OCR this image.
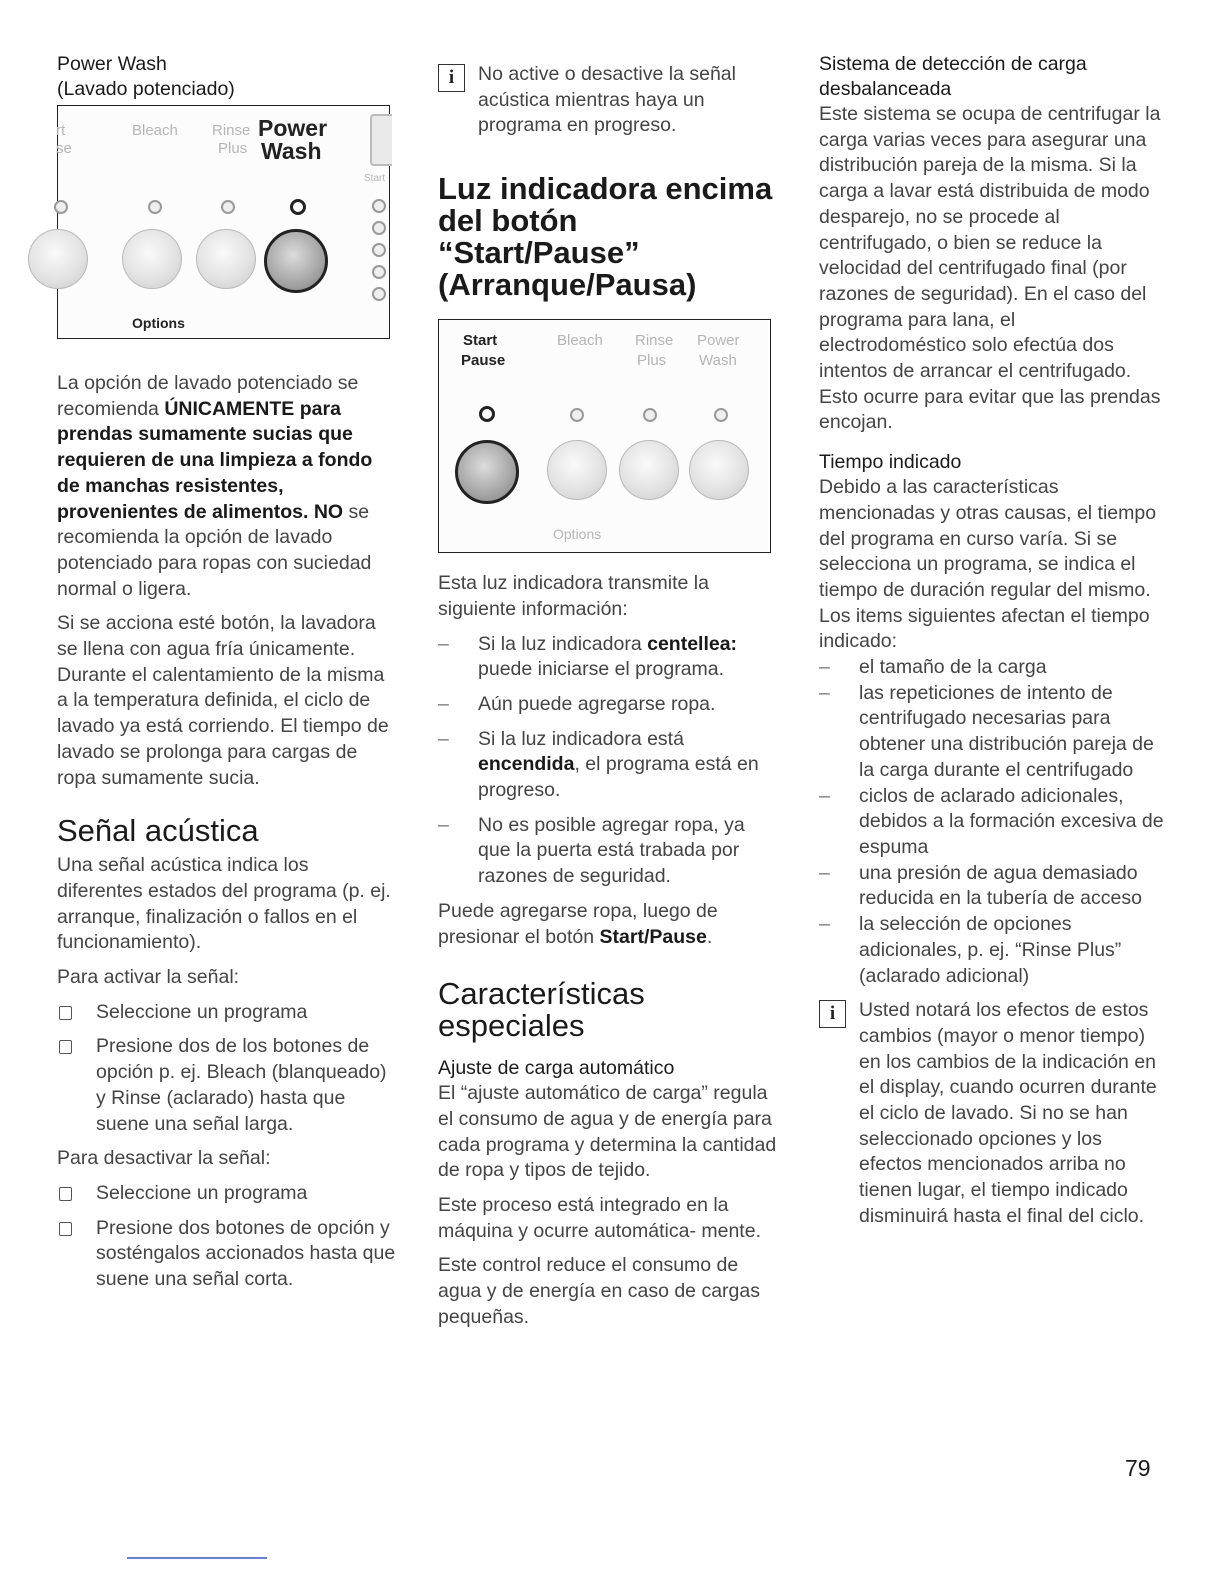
Power Wash

(Lavado potenciado)

rt
se
Bleach Rinse
Plus
Power
Wash
Start
Options

La opción de lavado potenciado se recomienda ÚNICAMENTE para prendas sumamente sucias que requieren de una limpieza a fondo de manchas resistentes, provenientes de alimentos. NO se recomienda la opción de lavado potenciado para ropas con suciedad normal o ligera.

Si se acciona esté botón, la lavadora se llena con agua fría únicamente. Durante el calentamiento de la misma a la temperatura definida, el ciclo de lavado ya está corriendo. El tiempo de lavado se prolonga para cargas de ropa sumamente sucia.

Señal acústica

Una señal acústica indica los diferentes estados del programa (p. ej. arranque, finalización o fallos en el funcionamiento).

Para activar la señal:

Seleccione un programa
Presione dos de los botones de opción p. ej. Bleach (blanqueado) y Rinse (aclarado) hasta que suene una señal larga.

Para desactivar la señal:

Seleccione un programa
Presione dos botones de opción y sosténgalos accionados hasta que suene una señal corta.
i	No active o desactive la señal acústica mientras haya un programa en progreso.

Luz indicadora encima del botón “Start/Pause” (Arranque/Pausa)
Start
Pause
Bleach Rinse
Plus
Power
Wash
Options

Esta luz indicadora transmite la siguiente información:

– Si la luz indicadora centellea: puede iniciarse el programa.
– Aún puede agregarse ropa.
– Si la luz indicadora está encendida, el programa está en progreso.
– No es posible agregar ropa, ya que la puerta está trabada por razones de seguridad.

Puede agregarse ropa, luego de presionar el botón Start/Pause.

Características especiales

Ajuste de carga automático

El “ajuste automático de carga” regula el consumo de agua y de energía para cada programa y determina la cantidad de ropa y tipos de tejido.

Este proceso está integrado en la máquina y ocurre automática- mente.

Este control reduce el consumo de agua y de energía en caso de cargas pequeñas.

Sistema de detección de carga desbalanceada

Este sistema se ocupa de centrifugar la carga varias veces para asegurar una distribución pareja de la misma. Si la carga a lavar está distribuida de modo desparejo, no se procede al centrifugado, o bien se reduce la velocidad del centrifugado final (por razones de seguridad). En el caso del programa para lana, el electrodoméstico solo efectúa dos intentos de arrancar el centrifugado. Esto ocurre para evitar que las prendas encojan.

Tiempo indicado

Debido a las características mencionadas y otras causas, el tiempo del programa en curso varía. Si se selecciona un programa, se indica el tiempo de duración regular del mismo. Los items siguientes afectan el tiempo indicado:

– el tamaño de la carga
– las repeticiones de intento de centrifugado necesarias para obtener una distribución pareja de la carga durante el centrifugado
– ciclos de aclarado adicionales, debidos a la formación excesiva de espuma
– una presión de agua demasiado reducida en la tubería de acceso
– la selección de opciones adicionales, p. ej. “Rinse Plus” (aclarado adicional)
i	Usted notará los efectos de estos cambios (mayor o menor tiempo) en los cambios de la indicación en el display, cuando ocurren durante el ciclo de lavado. Si no se han seleccionado opciones y los efectos mencionados arriba no tienen lugar, el tiempo indicado disminuirá hasta el final del ciclo.

79
